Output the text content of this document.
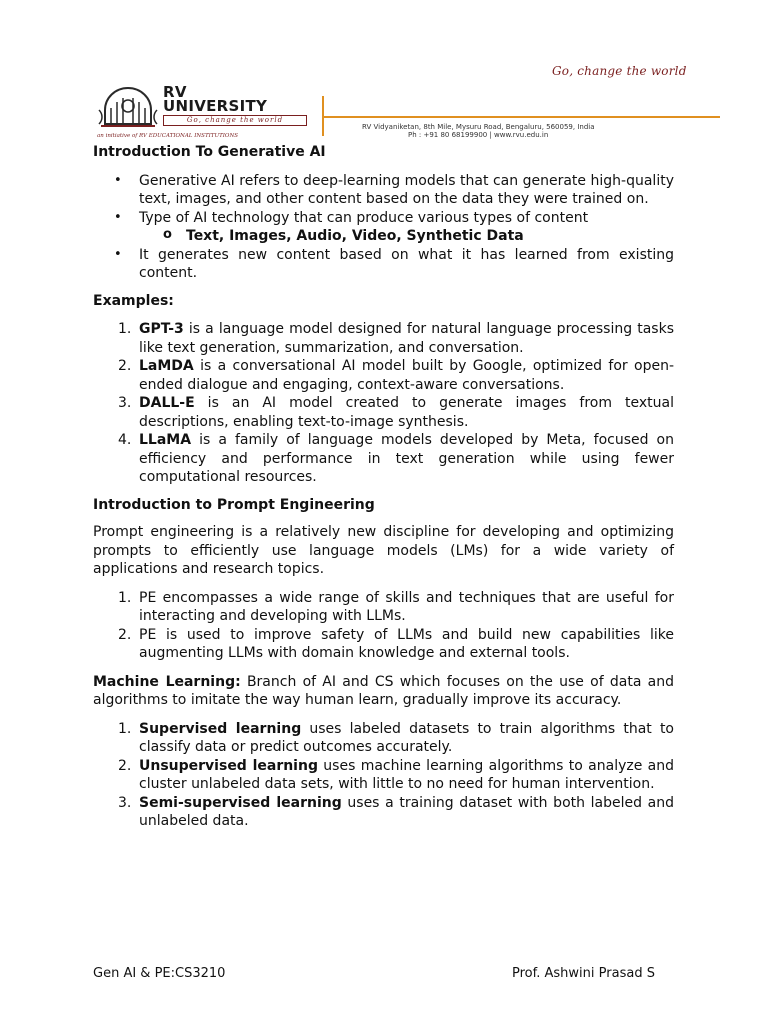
Go, change the world
RV
UNIVERSITY
Go, change the world
an initiative of RV EDUCATIONAL INSTITUTIONS
RV Vidyaniketan, 8th Mile, Mysuru Road, Bengaluru, 560059, India
Ph : +91 80 68199900 | www.rvu.edu.in
Introduction To Generative AI
• Generative AI refers to deep-learning models that can generate high-quality text, images, and other content based on the data they were trained on.
• Type of AI technology that can produce various types of content
o Text, Images, Audio, Video, Synthetic Data
• It generates new content based on what it has learned from existing content.
Examples:
1. GPT-3 is a language model designed for natural language processing tasks like text generation, summarization, and conversation.
2. LaMDA is a conversational AI model built by Google, optimized for open-ended dialogue and engaging, context-aware conversations.
3. DALL-E is an AI model created to generate images from textual descriptions, enabling text-to-image synthesis.
4. LLaMA is a family of language models developed by Meta, focused on efficiency and performance in text generation while using fewer computational resources.
Introduction to Prompt Engineering

Prompt engineering is a relatively new discipline for developing and optimizing prompts to efficiently use language models (LMs) for a wide variety of applications and research topics.

1. PE encompasses a wide range of skills and techniques that are useful for interacting and developing with LLMs.
2. PE is used to improve safety of LLMs and build new capabilities like augmenting LLMs with domain knowledge and external tools.

Machine Learning: Branch of AI and CS which focuses on the use of data and algorithms to imitate the way human learn, gradually improve its accuracy.

1. Supervised learning uses labeled datasets to train algorithms that to classify data or predict outcomes accurately.
2. Unsupervised learning uses machine learning algorithms to analyze and cluster unlabeled data sets, with little to no need for human intervention.
3. Semi-supervised learning uses a training dataset with both labeled and unlabeled data.
Gen AI & PE:CS3210	Prof. Ashwini Prasad S
